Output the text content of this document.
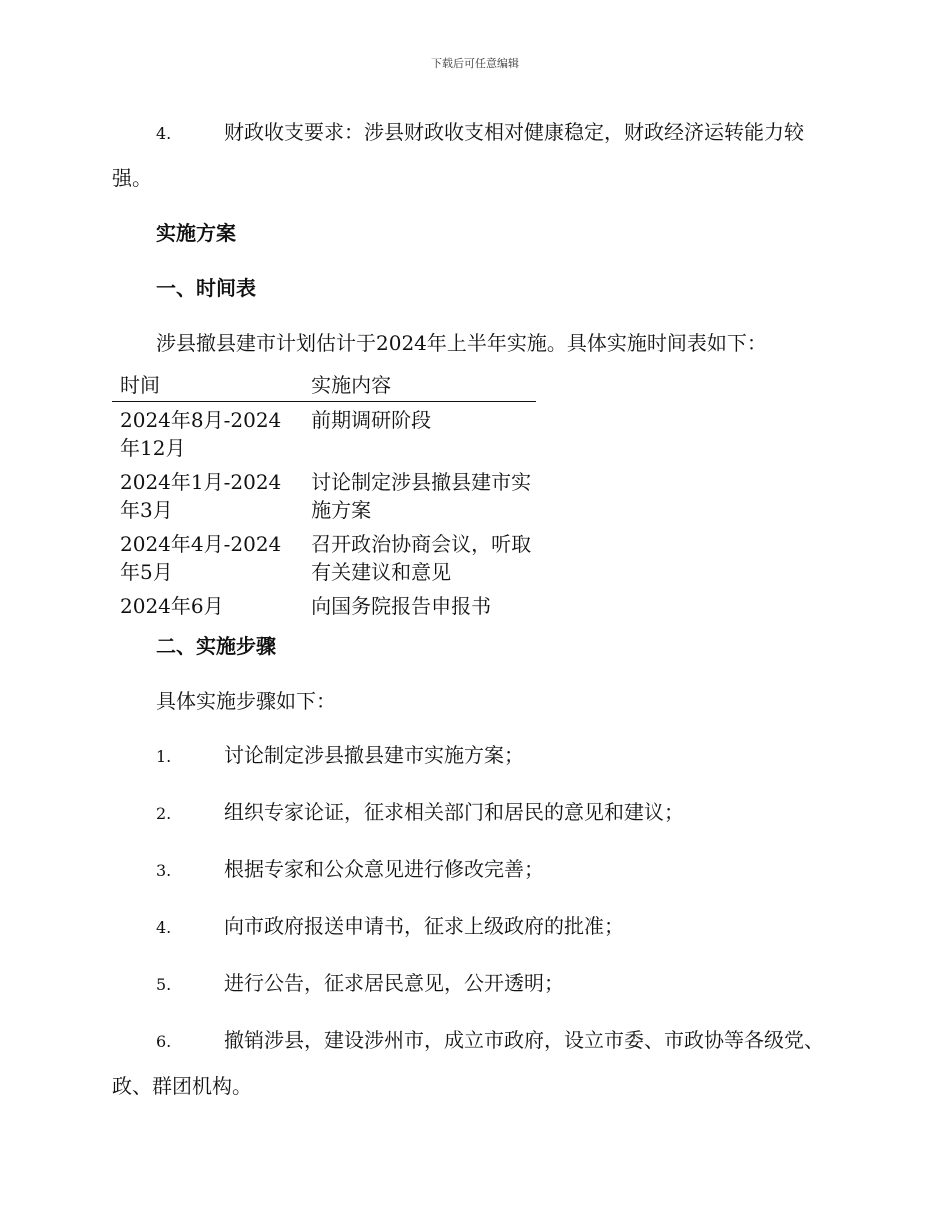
下载后可任意编辑

4.	财政收支要求：涉县财政收支相对健康稳定，财政经济运转能力较强。

实施方案

一、时间表

涉县撤县建市计划估计于2024年上半年实施。具体实施时间表如下：

时间	实施内容
2024年8月-2024年12月	前期调研阶段
2024年1月-2024年3月	讨论制定涉县撤县建市实施方案
2024年4月-2024年5月	召开政治协商会议，听取有关建议和意见
2024年6月	向国务院报告申报书

二、实施步骤

具体实施步骤如下：

1.	讨论制定涉县撤县建市实施方案；

2.	组织专家论证，征求相关部门和居民的意见和建议；

3.	根据专家和公众意见进行修改完善；

4.	向市政府报送申请书，征求上级政府的批准；

5.	进行公告，征求居民意见，公开透明；

6.	撤销涉县，建设涉州市，成立市政府，设立市委、市政协等各级党、政、群团机构。
